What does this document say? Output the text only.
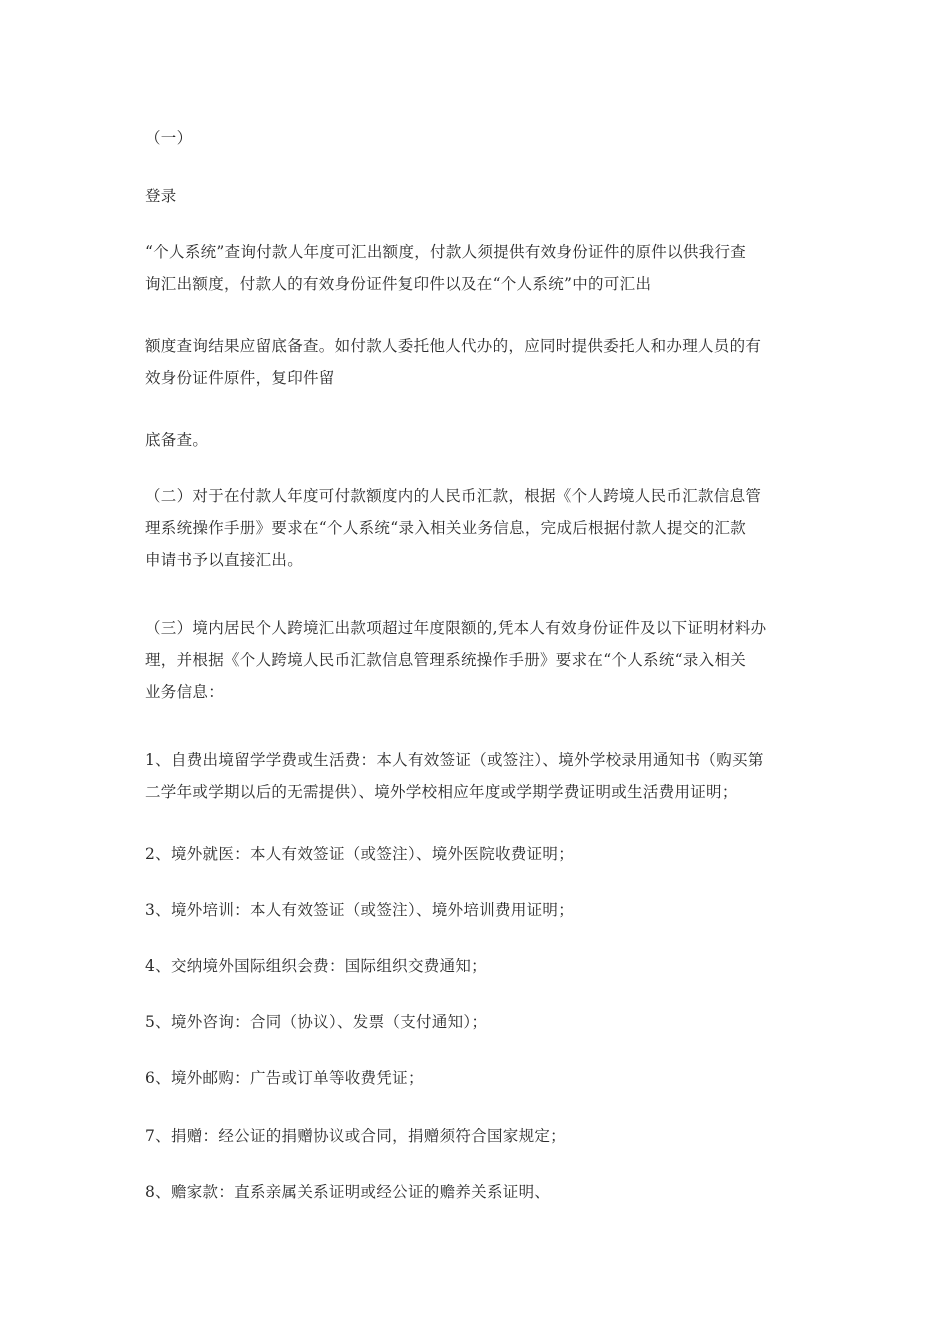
（一）

登录

“个人系统”查询付款人年度可汇出额度，付款人须提供有效身份证件的原件以供我行查
询汇出额度，付款人的有效身份证件复印件以及在“个人系统”中的可汇出

额度查询结果应留底备查。如付款人委托他人代办的，应同时提供委托人和办理人员的有
效身份证件原件，复印件留

底备查。

（二）对于在付款人年度可付款额度内的人民币汇款，根据《个人跨境人民币汇款信息管
理系统操作手册》要求在“个人系统“录入相关业务信息，完成后根据付款人提交的汇款
申请书予以直接汇出。

（三）境内居民个人跨境汇出款项超过年度限额的,凭本人有效身份证件及以下证明材料办
理，并根据《个人跨境人民币汇款信息管理系统操作手册》要求在“个人系统“录入相关
业务信息：

1、自费出境留学学费或生活费：本人有效签证（或签注）、境外学校录用通知书（购买第
二学年或学期以后的无需提供）、境外学校相应年度或学期学费证明或生活费用证明；

2、境外就医：本人有效签证（或签注）、境外医院收费证明；

3、境外培训：本人有效签证（或签注）、境外培训费用证明；

4、交纳境外国际组织会费：国际组织交费通知；

5、境外咨询：合同（协议）、发票（支付通知）；

6、境外邮购：广告或订单等收费凭证；

7、捐赠：经公证的捐赠协议或合同，捐赠须符合国家规定；

8、赡家款：直系亲属关系证明或经公证的赡养关系证明、
